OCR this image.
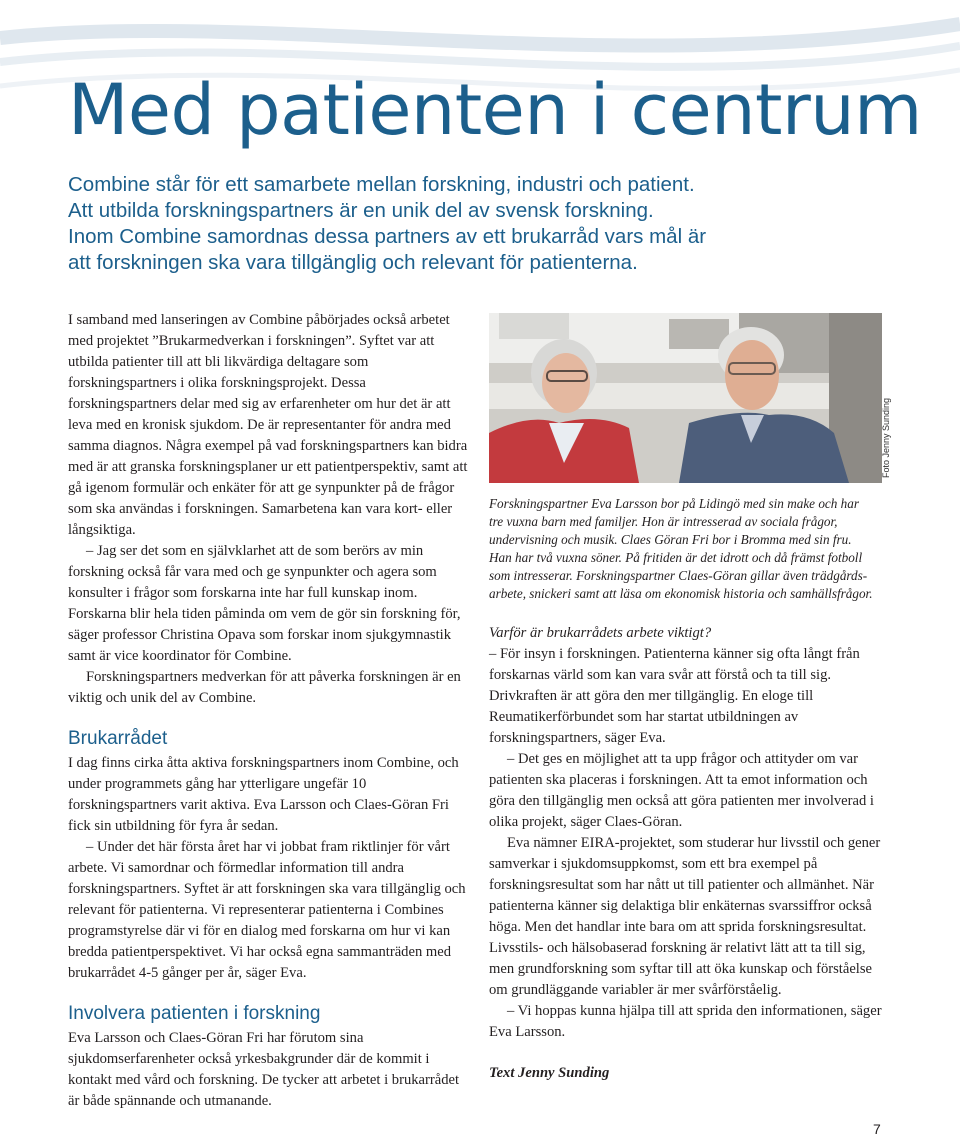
Med patienten i centrum
Combine står för ett samarbete mellan forskning, industri och patient.
Att utbilda forskningspartners är en unik del av svensk forskning.
Inom Combine samordnas dessa partners av ett brukarråd vars mål är
att forskningen ska vara tillgänglig och relevant för patienterna.

I samband med lanseringen av Combine påbörjades också arbetet med projektet ”Brukarmedverkan i forskningen”. Syftet var att utbilda patienter till att bli likvärdiga deltagare som forskningspartners i olika forskningsprojekt. Dessa forskningspartners delar med sig av erfarenheter om hur det är att leva med en kronisk sjukdom. De är representanter för andra med samma diagnos. Några exempel på vad forskningspartners kan bidra med är att granska forskningsplaner ur ett patientperspektiv, samt att gå igenom formulär och enkäter för att ge synpunkter på de frågor som ska användas i forskningen. Samarbetena kan vara kort- eller långsiktiga.

– Jag ser det som en självklarhet att de som berörs av min forskning också får vara med och ge synpunkter och agera som konsulter i frågor som forskarna inte har full kunskap inom. Forskarna blir hela tiden påminda om vem de gör sin forskning för, säger professor Christina Opava som forskar inom sjukgymnastik samt är vice koordinator för Combine.

Forskningspartners medverkan för att påverka forskningen är en viktig och unik del av Combine.

Brukarrådet

I dag finns cirka åtta aktiva forskningspartners inom Combine, och under programmets gång har ytterligare ungefär 10 forskningspartners varit aktiva. Eva Larsson och Claes-Göran Fri fick sin utbildning för fyra år sedan.

– Under det här första året har vi jobbat fram riktlinjer för vårt arbete. Vi samordnar och förmedlar information till andra forskningspartners. Syftet är att forskningen ska vara tillgänglig och relevant för patienterna. Vi representerar patienterna i Combines programstyrelse där vi för en dialog med forskarna om hur vi kan bredda patientperspektivet. Vi har också egna sammanträden med brukarrådet 4-5 gånger per år, säger Eva.

Involvera patienten i forskning

Eva Larsson och Claes-Göran Fri har förutom sina sjukdomserfarenheter också yrkesbakgrunder där de kommit i kontakt med vård och forskning. De tycker att arbetet i brukarrådet är både spännande och utmanande.

Foto Jenny Sunding
Forskningspartner Eva Larsson bor på Lidingö med sin make och har
tre vuxna barn med familjer. Hon är intresserad av sociala frågor,
undervisning och musik. Claes Göran Fri bor i Bromma med sin fru.
Han har två vuxna söner. På fritiden är det idrott och då främst fotboll
som intresserar. Forskningspartner Claes-Göran gillar även trädgårds-
arbete, snickeri samt att läsa om ekonomisk historia och samhällsfrågor.

Varför är brukarrådets arbete viktigt?

– För insyn i forskningen. Patienterna känner sig ofta långt från forskarnas värld som kan vara svår att förstå och ta till sig. Drivkraften är att göra den mer tillgänglig. En eloge till Reumatikerförbundet som har startat utbildningen av forskningspartners, säger Eva.

– Det ges en möjlighet att ta upp frågor och attityder om var patienten ska placeras i forskningen. Att ta emot information och göra den tillgänglig men också att göra patienten mer involverad i olika projekt, säger Claes-Göran.

Eva nämner EIRA-projektet, som studerar hur livsstil och gener samverkar i sjukdomsuppkomst, som ett bra exempel på forskningsresultat som har nått ut till patienter och allmänhet. När patienterna känner sig delaktiga blir enkäternas svarssiffror också höga. Men det handlar inte bara om att sprida forskningsresultat. Livsstils- och hälsobaserad forskning är relativt lätt att ta till sig, men grundforskning som syftar till att öka kunskap och förståelse om grundläggande variabler är mer svårförståelig.

– Vi hoppas kunna hjälpa till att sprida den informationen, säger Eva Larsson.

Text Jenny Sunding

7
